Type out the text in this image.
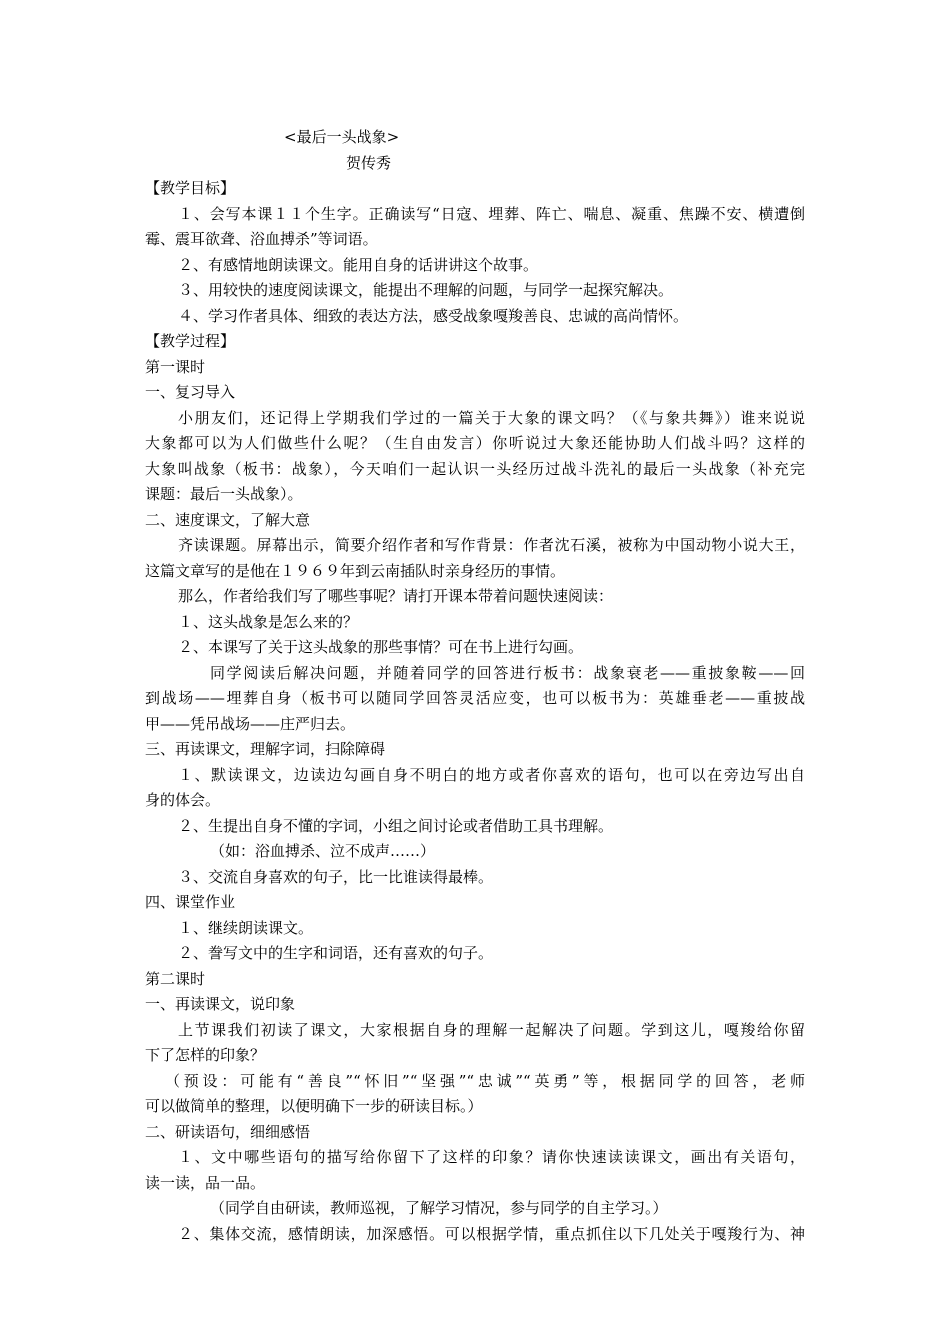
<最后一头战象>
贺传秀
【教学目标】
１、会写本课１１个生字。正确读写“日寇、埋葬、阵亡、喘息、凝重、焦躁不安、横遭倒
霉、震耳欲聋、浴血搏杀”等词语。
２、有感情地朗读课文。能用自身的话讲讲这个故事。
３、用较快的速度阅读课文，能提出不理解的问题，与同学一起探究解决。
４、学习作者具体、细致的表达方法，感受战象嘎羧善良、忠诚的高尚情怀。
【教学过程】
第一课时
一、复习导入
小朋友们，还记得上学期我们学过的一篇关于大象的课文吗？（《与象共舞》）谁来说说
大象都可以为人们做些什么呢？（生自由发言）你听说过大象还能协助人们战斗吗？这样的
大象叫战象（板书：战象），今天咱们一起认识一头经历过战斗洗礼的最后一头战象（补充完
课题：最后一头战象）。
二、速度课文，了解大意
齐读课题。屏幕出示，简要介绍作者和写作背景：作者沈石溪，被称为中国动物小说大王，
这篇文章写的是他在１９６９年到云南插队时亲身经历的事情。
那么，作者给我们写了哪些事呢？请打开课本带着问题快速阅读：
１、这头战象是怎么来的？
２、本课写了关于这头战象的那些事情？可在书上进行勾画。
同学阅读后解决问题，并随着同学的回答进行板书：战象衰老——重披象鞍——回
到战场——埋葬自身（板书可以随同学回答灵活应变，也可以板书为：英雄垂老——重披战
甲——凭吊战场——庄严归去。
三、再读课文，理解字词，扫除障碍
１、默读课文，边读边勾画自身不明白的地方或者你喜欢的语句，也可以在旁边写出自
身的体会。
２、生提出自身不懂的字词，小组之间讨论或者借助工具书理解。
（如：浴血搏杀、泣不成声……）
３、交流自身喜欢的句子，比一比谁读得最棒。
四、课堂作业
１、继续朗读课文。
２、誊写文中的生字和词语，还有喜欢的句子。
第二课时
一、再读课文，说印象
上节课我们初读了课文，大家根据自身的理解一起解决了问题。学到这儿，嘎羧给你留
下了怎样的印象？
（预设：可能有“善良”“怀旧”“坚强”“忠诚”“英勇”等，根据同学的回答，老师
可以做简单的整理，以便明确下一步的研读目标。）
二、研读语句，细细感悟
１、文中哪些语句的描写给你留下了这样的印象？请你快速读读课文，画出有关语句，
读一读，品一品。
（同学自由研读，教师巡视，了解学习情况，参与同学的自主学习。）
２、集体交流，感情朗读，加深感悟。可以根据学情，重点抓住以下几处关于嘎羧行为、神
